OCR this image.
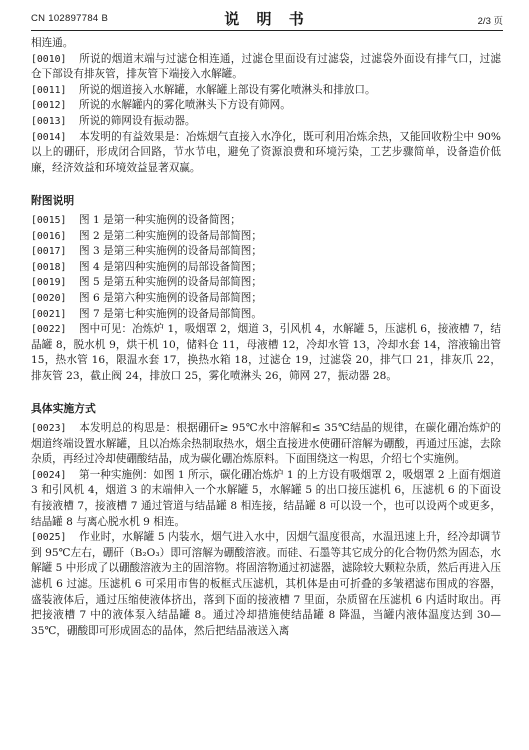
CN 102897784 B	说 明 书	2/3 页

相连通。

[0010] 所说的烟道末端与过滤仓相连通，过滤仓里面设有过滤袋，过滤袋外面设有排气口，过滤仓下部设有排灰管，排灰管下端接入水解罐。

[0011] 所说的烟道接入水解罐，水解罐上部设有雾化喷淋头和排放口。

[0012] 所说的水解罐内的雾化喷淋头下方设有筛网。

[0013] 所说的筛网设有振动器。

[0014] 本发明的有益效果是：冶炼烟气直接入水净化，既可利用冶炼余热，又能回收粉尘中 90% 以上的硼矸，形成闭合回路，节水节电，避免了资源浪费和环境污染，工艺步骤简单，设备造价低廉，经济效益和环境效益显著双赢。

附图说明

[0015] 图 1 是第一种实施例的设备简图；

[0016] 图 2 是第二种实施例的设备局部简图；

[0017] 图 3 是第三种实施例的设备局部简图；

[0018] 图 4 是第四种实施例的局部设备简图；

[0019] 图 5 是第五种实施例的设备局部简图；

[0020] 图 6 是第六种实施例的设备局部简图；

[0021] 图 7 是第七种实施例的设备局部简图。

[0022] 图中可见：冶炼炉 1，吸烟罩 2，烟道 3，引风机 4，水解罐 5，压滤机 6，接液槽 7，结晶罐 8，脱水机 9，烘干机 10，储料仓 11，母液槽 12，冷却水管 13，冷却水套 14，溶液输出管 15，热水管 16，限温水套 17，换热水箱 18，过滤仓 19，过滤袋 20，排气口 21，排灰爪 22，排灰管 23，截止阀 24，排放口 25，雾化喷淋头 26，筛网 27，振动器 28。

具体实施方式

[0023] 本发明总的构思是：根据硼矸≥ 95℃水中溶解和≤ 35℃结晶的规律，在碳化硼冶炼炉的烟道终端设置水解罐，且以冶炼余热制取热水，烟尘直接进水使硼矸溶解为硼酸，再通过压滤，去除杂质，再经过冷却使硼酸结晶，成为碳化硼冶炼原料。下面围绕这一构思，介绍七个实施例。

[0024] 第一种实施例：如图 1 所示，碳化硼冶炼炉 1 的上方设有吸烟罩 2，吸烟罩 2 上面有烟道 3 和引风机 4，烟道 3 的末端伸入一个水解罐 5，水解罐 5 的出口接压滤机 6，压滤机 6 的下面设有接液槽 7，接液槽 7 通过管道与结晶罐 8 相连接，结晶罐 8 可以设一个，也可以设两个或更多，结晶罐 8 与离心脱水机 9 相连。

[0025] 作业时，水解罐 5 内装水，烟气进入水中，因烟气温度很高，水温迅速上升，经冷却调节到 95℃左右，硼矸（B₂O₃）即可溶解为硼酸溶液。而硅、石墨等其它成分的化合物仍然为固态，水解罐 5 中形成了以硼酸溶液为主的固溶物。将固溶物通过初滤器，滤除较大颗粒杂质，然后再进入压滤机 6 过滤。压滤机 6 可采用市售的板框式压滤机，其机体是由可折叠的多皱褶滤布围成的容器，盛装液体后，通过压缩使液体挤出，落到下面的接液槽 7 里面，杂质留在压滤机 6 内适时取出。再把接液槽 7 中的液体泵入结晶罐 8。通过冷却措施使结晶罐 8 降温，当罐内液体温度达到 30—35℃，硼酸即可形成固态的晶体，然后把结晶液送入离
